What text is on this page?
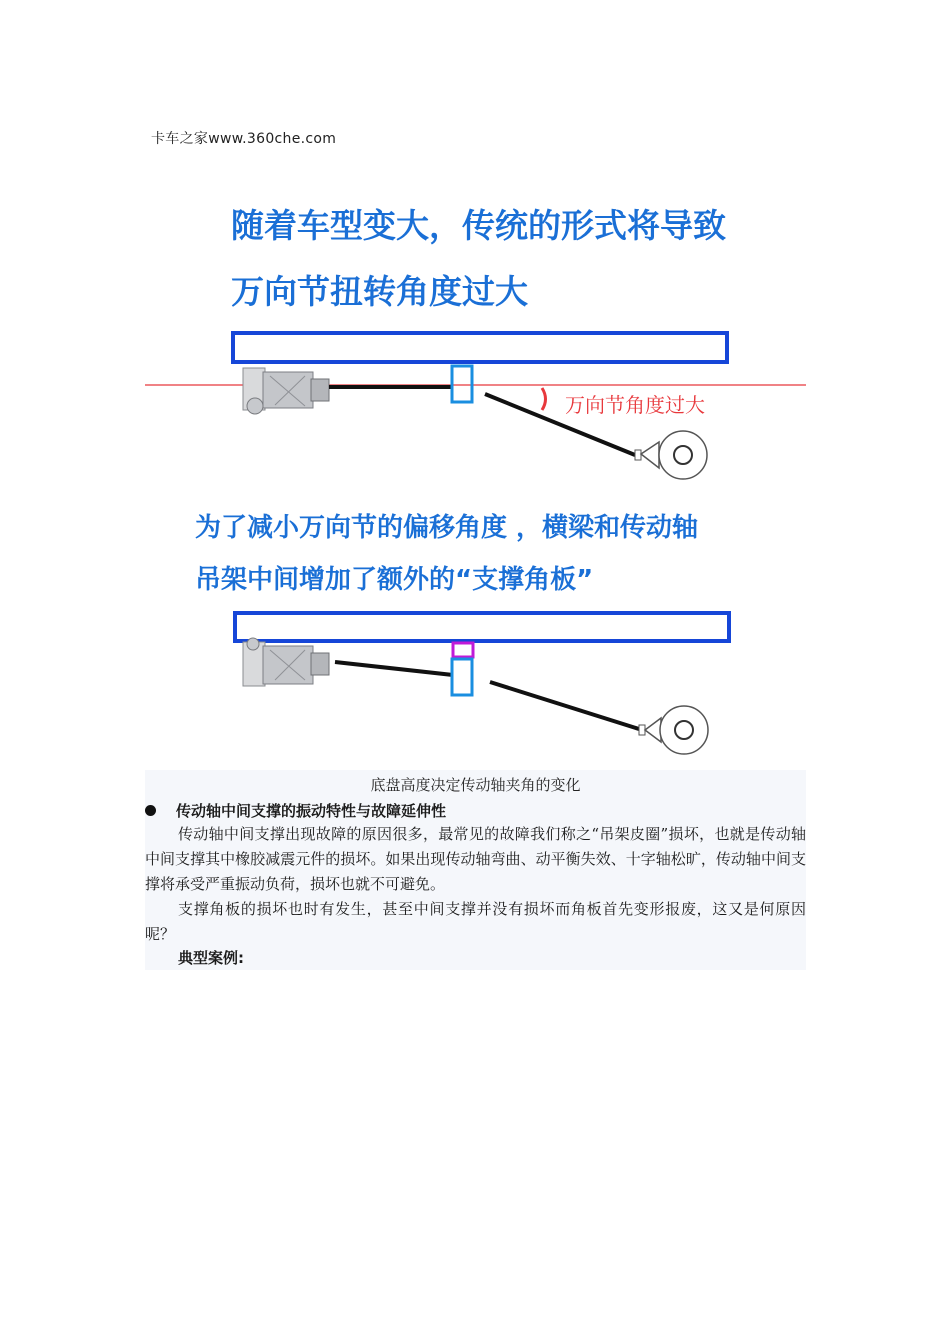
卡车之家www.360che.com
随着车型变大，传统的形式将导致
万向节扭转角度过大
万向节角度过大
为了减小万向节的偏移角度 ，横梁和传动轴
吊架中间增加了额外的“支撑角板”
底盘高度决定传动轴夹角的变化
传动轴中间支撑的振动特性与故障延伸性

传动轴中间支撑出现故障的原因很多，最常见的故障我们称之“吊架皮圈”损坏，也就是传动轴中间支撑其中橡胶减震元件的损坏。如果出现传动轴弯曲、动平衡失效、十字轴松旷，传动轴中间支撑将承受严重振动负荷，损坏也就不可避免。

支撑角板的损坏也时有发生，甚至中间支撑并没有损坏而角板首先变形报废，这又是何原因呢？

典型案例:
